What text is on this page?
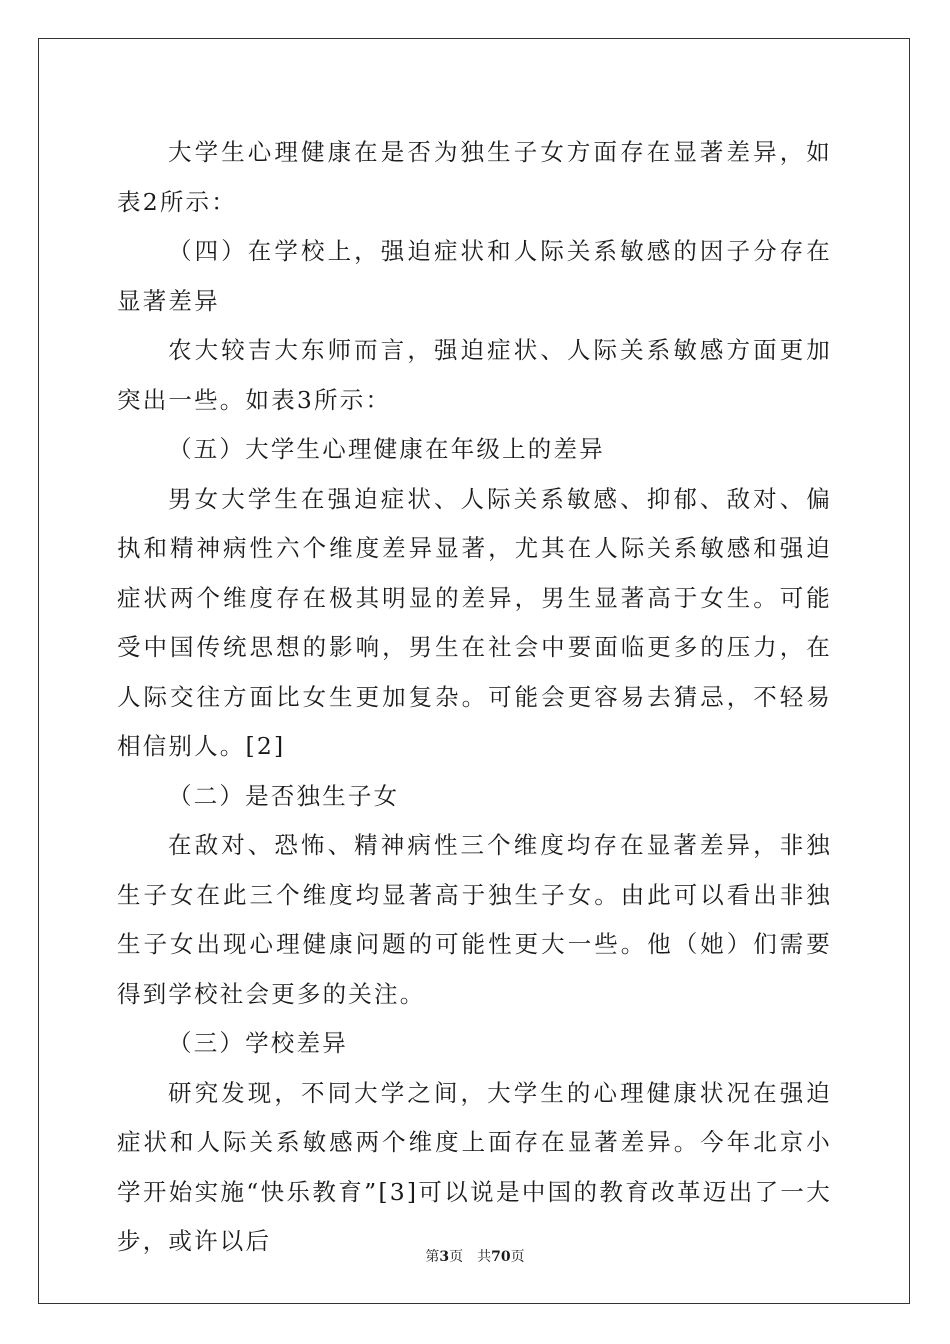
大学生心理健康在是否为独生子女方面存在显著差异，如表2所示：

（四）在学校上，强迫症状和人际关系敏感的因子分存在显著差异

农大较吉大东师而言，强迫症状、人际关系敏感方面更加突出一些。如表3所示：

（五）大学生心理健康在年级上的差异

男女大学生在强迫症状、人际关系敏感、抑郁、敌对、偏执和精神病性六个维度差异显著，尤其在人际关系敏感和强迫症状两个维度存在极其明显的差异，男生显著高于女生。可能受中国传统思想的影响，男生在社会中要面临更多的压力，在人际交往方面比女生更加复杂。可能会更容易去猜忌，不轻易相信别人。[2]

（二）是否独生子女

在敌对、恐怖、精神病性三个维度均存在显著差异，非独生子女在此三个维度均显著高于独生子女。由此可以看出非独生子女出现心理健康问题的可能性更大一些。他（她）们需要得到学校社会更多的关注。

（三）学校差异

研究发现，不同大学之间，大学生的心理健康状况在强迫症状和人际关系敏感两个维度上面存在显著差异。今年北京小学开始实施“快乐教育”[3]可以说是中国的教育改革迈出了一大步，或许以后

第3页 共70页
